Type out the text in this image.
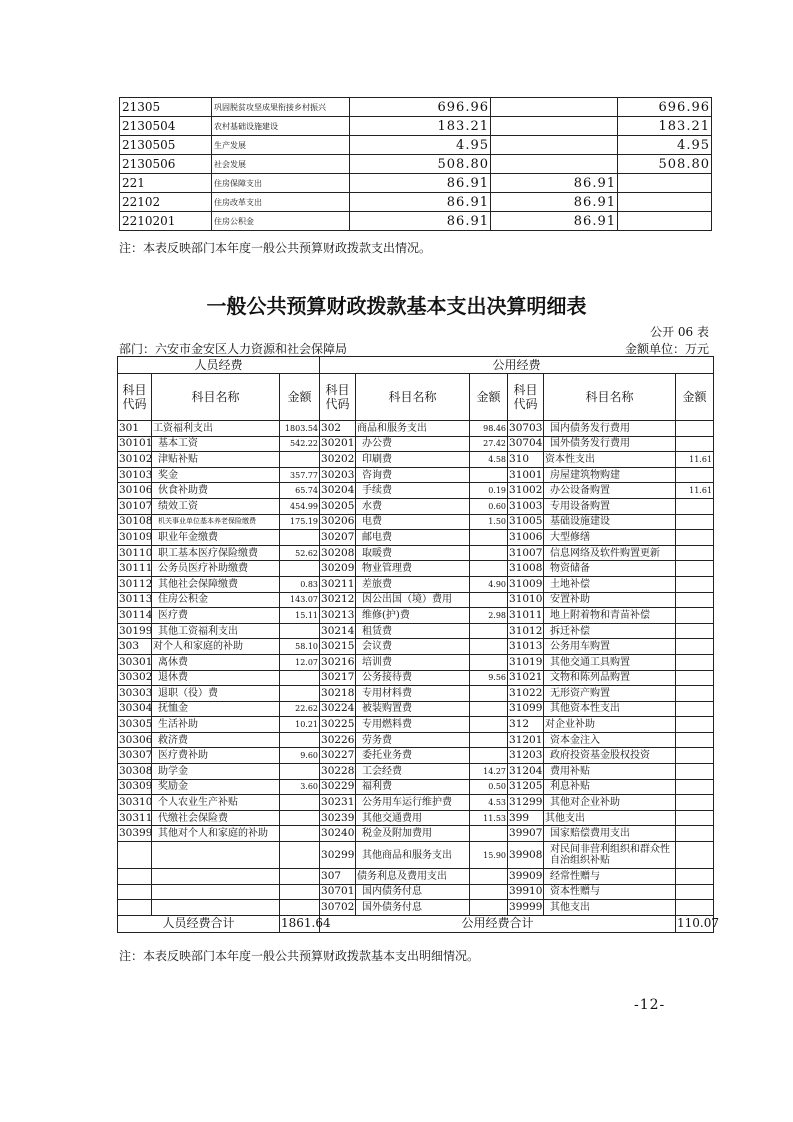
21305	巩固脱贫攻坚成果衔接乡村振兴	696.96		696.96
2130504	农村基础设施建设	183.21		183.21
2130505	生产发展	4.95		4.95
2130506	社会发展	508.80		508.80
221	住房保障支出	86.91	86.91	
22102	住房改革支出	86.91	86.91	
2210201	住房公积金	86.91	86.91	
注：本表反映部门本年度一般公共预算财政拨款支出情况。
一般公共预算财政拨款基本支出决算明细表
公开 06 表
部门：六安市金安区人力资源和社会保障局	金额单位：万元
人员经费			公用经费					
科目代码	科目名称	金额	科目代码	科目名称	金额	科目代码	科目名称	金额
301	工资福利支出	1803.54	302	商品和服务支出	98.46	30703	国内债务发行费用	
30101	基本工资	542.22	30201	办公费	27.42	30704	国外债务发行费用	
30102	津贴补贴		30202	印刷费	4.58	310	资本性支出	11.61
30103	奖金	357.77	30203	咨询费		31001	房屋建筑物购建	
30106	伙食补助费	65.74	30204	手续费	0.19	31002	办公设备购置	11.61
30107	绩效工资	454.99	30205	水费	0.60	31003	专用设备购置	
30108	机关事业单位基本养老保险缴费	175.19	30206	电费	1.50	31005	基础设施建设	
30109	职业年金缴费		30207	邮电费		31006	大型修缮	
30110	职工基本医疗保险缴费	52.62	30208	取暖费		31007	信息网络及软件购置更新	
30111	公务员医疗补助缴费		30209	物业管理费		31008	物资储备	
30112	其他社会保障缴费	0.83	30211	差旅费	4.90	31009	土地补偿	
30113	住房公积金	143.07	30212	因公出国（境）费用		31010	安置补助	
30114	医疗费	15.11	30213	维修(护)费	2.98	31011	地上附着物和青苗补偿	
30199	其他工资福利支出		30214	租赁费		31012	拆迁补偿	
303	对个人和家庭的补助	58.10	30215	会议费		31013	公务用车购置	
30301	离休费	12.07	30216	培训费		31019	其他交通工具购置	
30302	退休费		30217	公务接待费	9.56	31021	文物和陈列品购置	
30303	退职（役）费		30218	专用材料费		31022	无形资产购置	
30304	抚恤金	22.62	30224	被装购置费		31099	其他资本性支出	
30305	生活补助	10.21	30225	专用燃料费		312	对企业补助	
30306	救济费		30226	劳务费		31201	资本金注入	
30307	医疗费补助	9.60	30227	委托业务费		31203	政府投资基金股权投资	
30308	助学金		30228	工会经费	14.27	31204	费用补贴	
30309	奖励金	3.60	30229	福利费	0.50	31205	利息补贴	
30310	个人农业生产补贴		30231	公务用车运行维护费	4.53	31299	其他对企业补助	
30311	代缴社会保险费		30239	其他交通费用	11.53	399	其他支出	
30399	其他对个人和家庭的补助		30240	税金及附加费用		39907	国家赔偿费用支出	
			30299	其他商品和服务支出	15.90	39908	对民间非营利组织和群众性自治组织补贴	
			307	债务利息及费用支出		39909	经常性赠与	
			30701	国内债务付息		39910	资本性赠与	
			30702	国外债务付息		39999	其他支出	
人员经费合计		1861.64	公用经费合计					110.07
注：本表反映部门本年度一般公共预算财政拨款基本支出明细情况。
-12-
